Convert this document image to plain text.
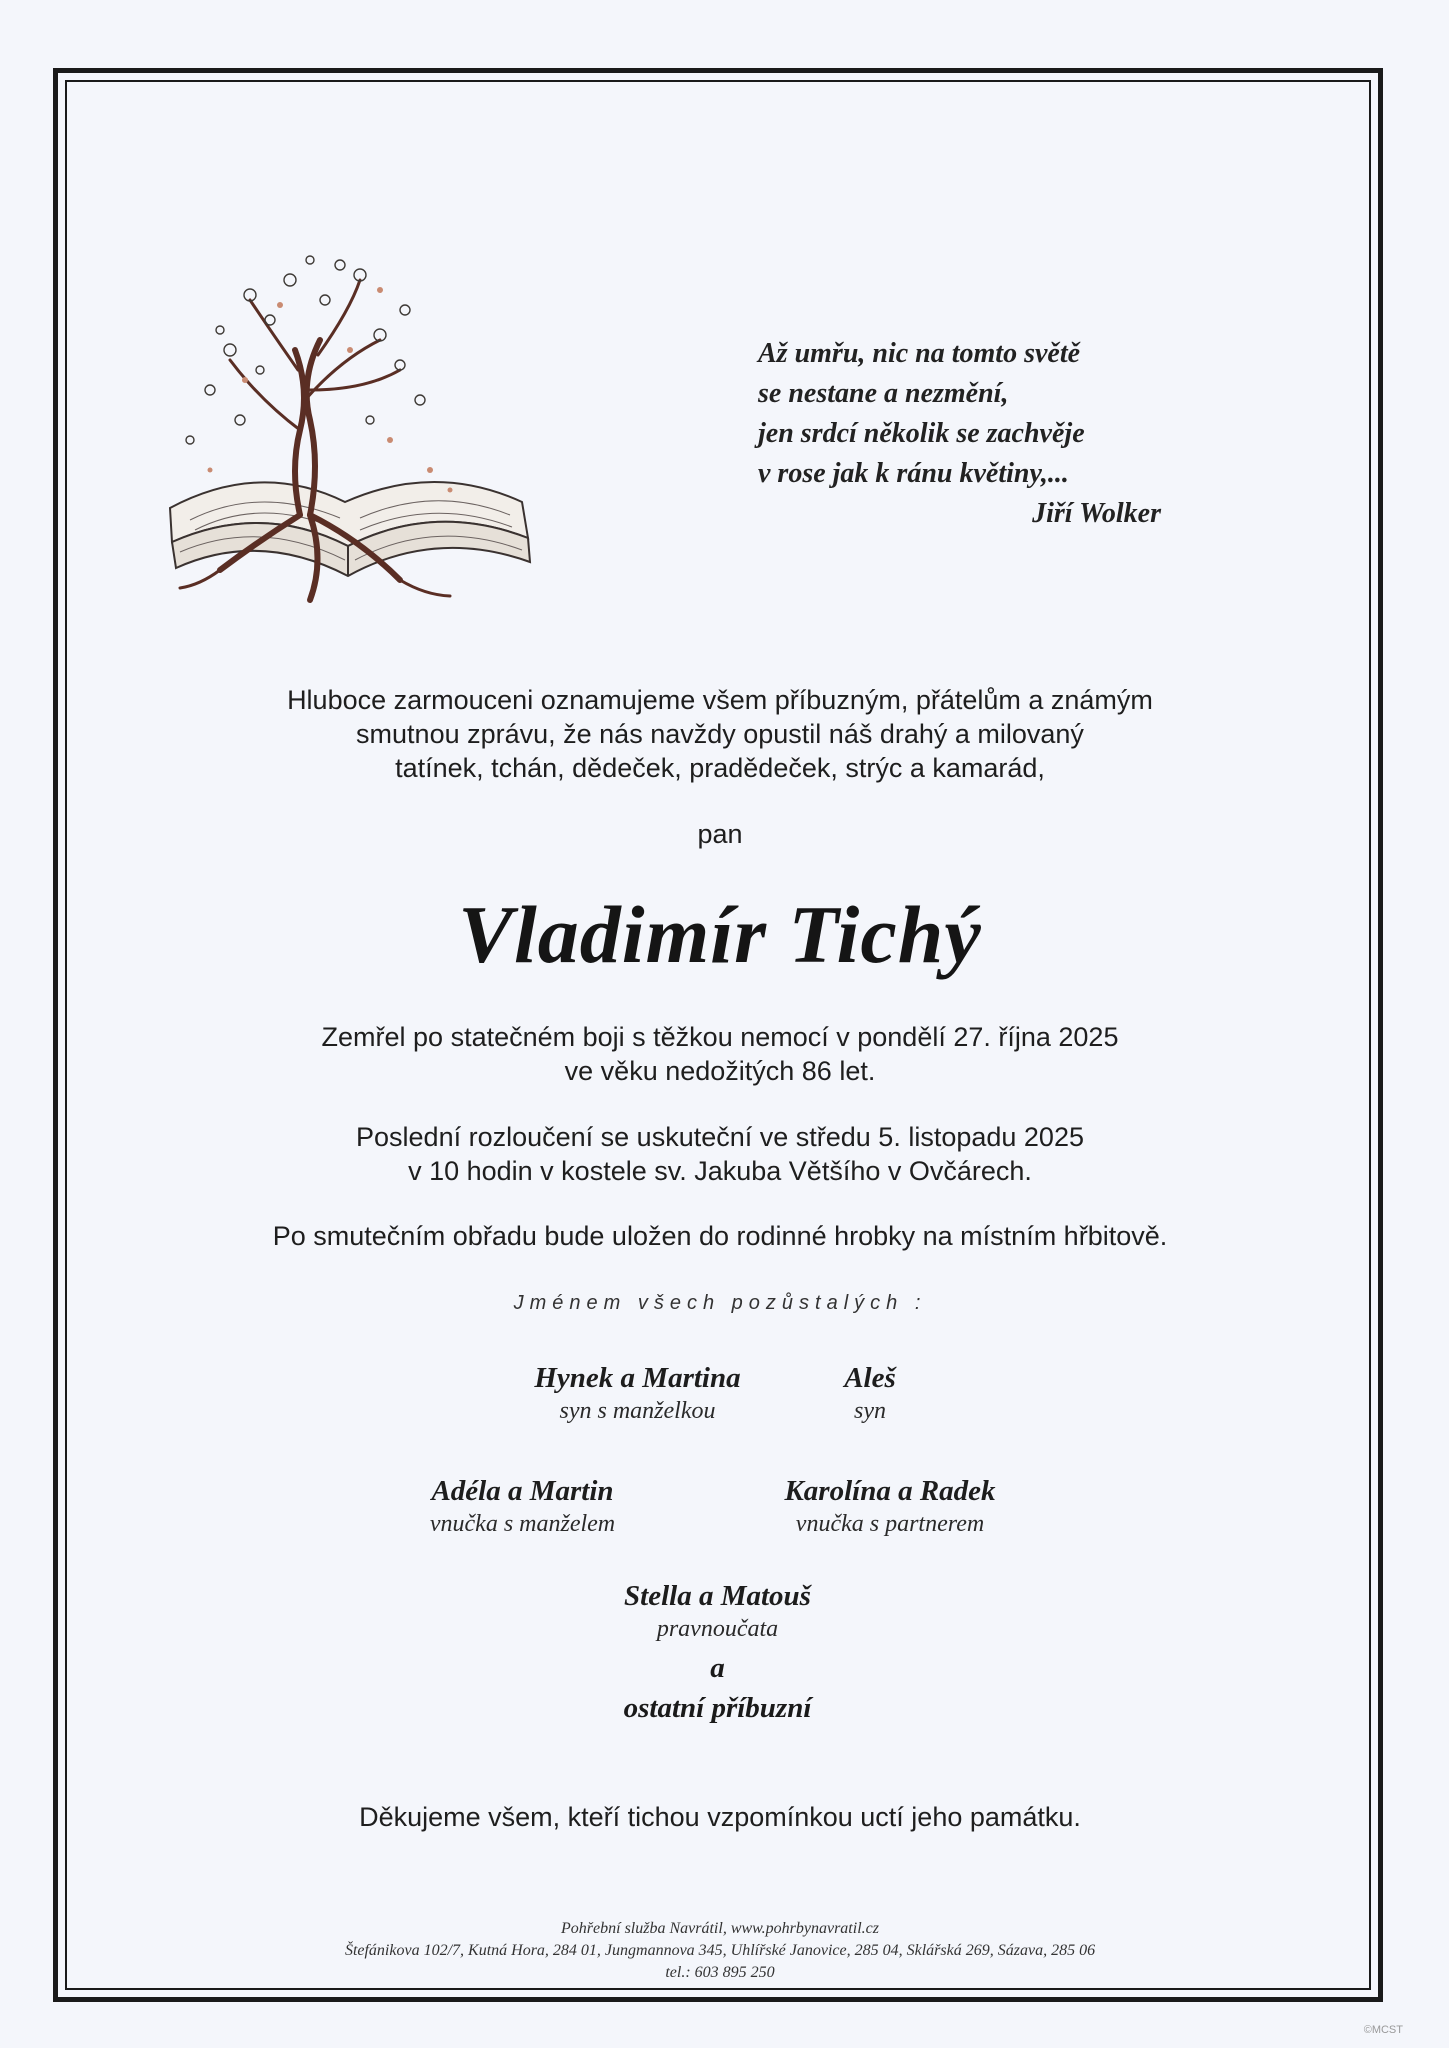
Až umřu, nic na tomto světě
se nestane a nezmění,
jen srdcí několik se zachvěje
v rose jak k ránu květiny,...
Jiří Wolker
Hluboce zarmouceni oznamujeme všem příbuzným, přátelům a známým
smutnou zprávu, že nás navždy opustil náš drahý a milovaný
tatínek, tchán, dědeček, pradědeček, strýc a kamarád,
pan
Vladimír Tichý
Zemřel po statečném boji s těžkou nemocí v pondělí 27. října 2025
ve věku nedožitých 86 let.
Poslední rozloučení se uskuteční ve středu 5. listopadu 2025
v 10 hodin v kostele sv. Jakuba Většího v Ovčárech.
Po smutečním obřadu bude uložen do rodinné hrobky na místním hřbitově.
Jménem všech pozůstalých :
Hynek a Martina
syn s manželkou
Aleš
syn
Adéla a Martin
vnučka s manželem
Karolína a Radek
vnučka s partnerem
Stella a Matouš
pravnoučata
a
ostatní příbuzní
Děkujeme všem, kteří tichou vzpomínkou uctí jeho památku.
Pohřební služba Navrátil, www.pohrbynavratil.cz
Štefánikova 102/7, Kutná Hora, 284 01, Jungmannova 345, Uhlířské Janovice, 285 04, Sklářská 269, Sázava, 285 06
tel.: 603 895 250
©MCST
